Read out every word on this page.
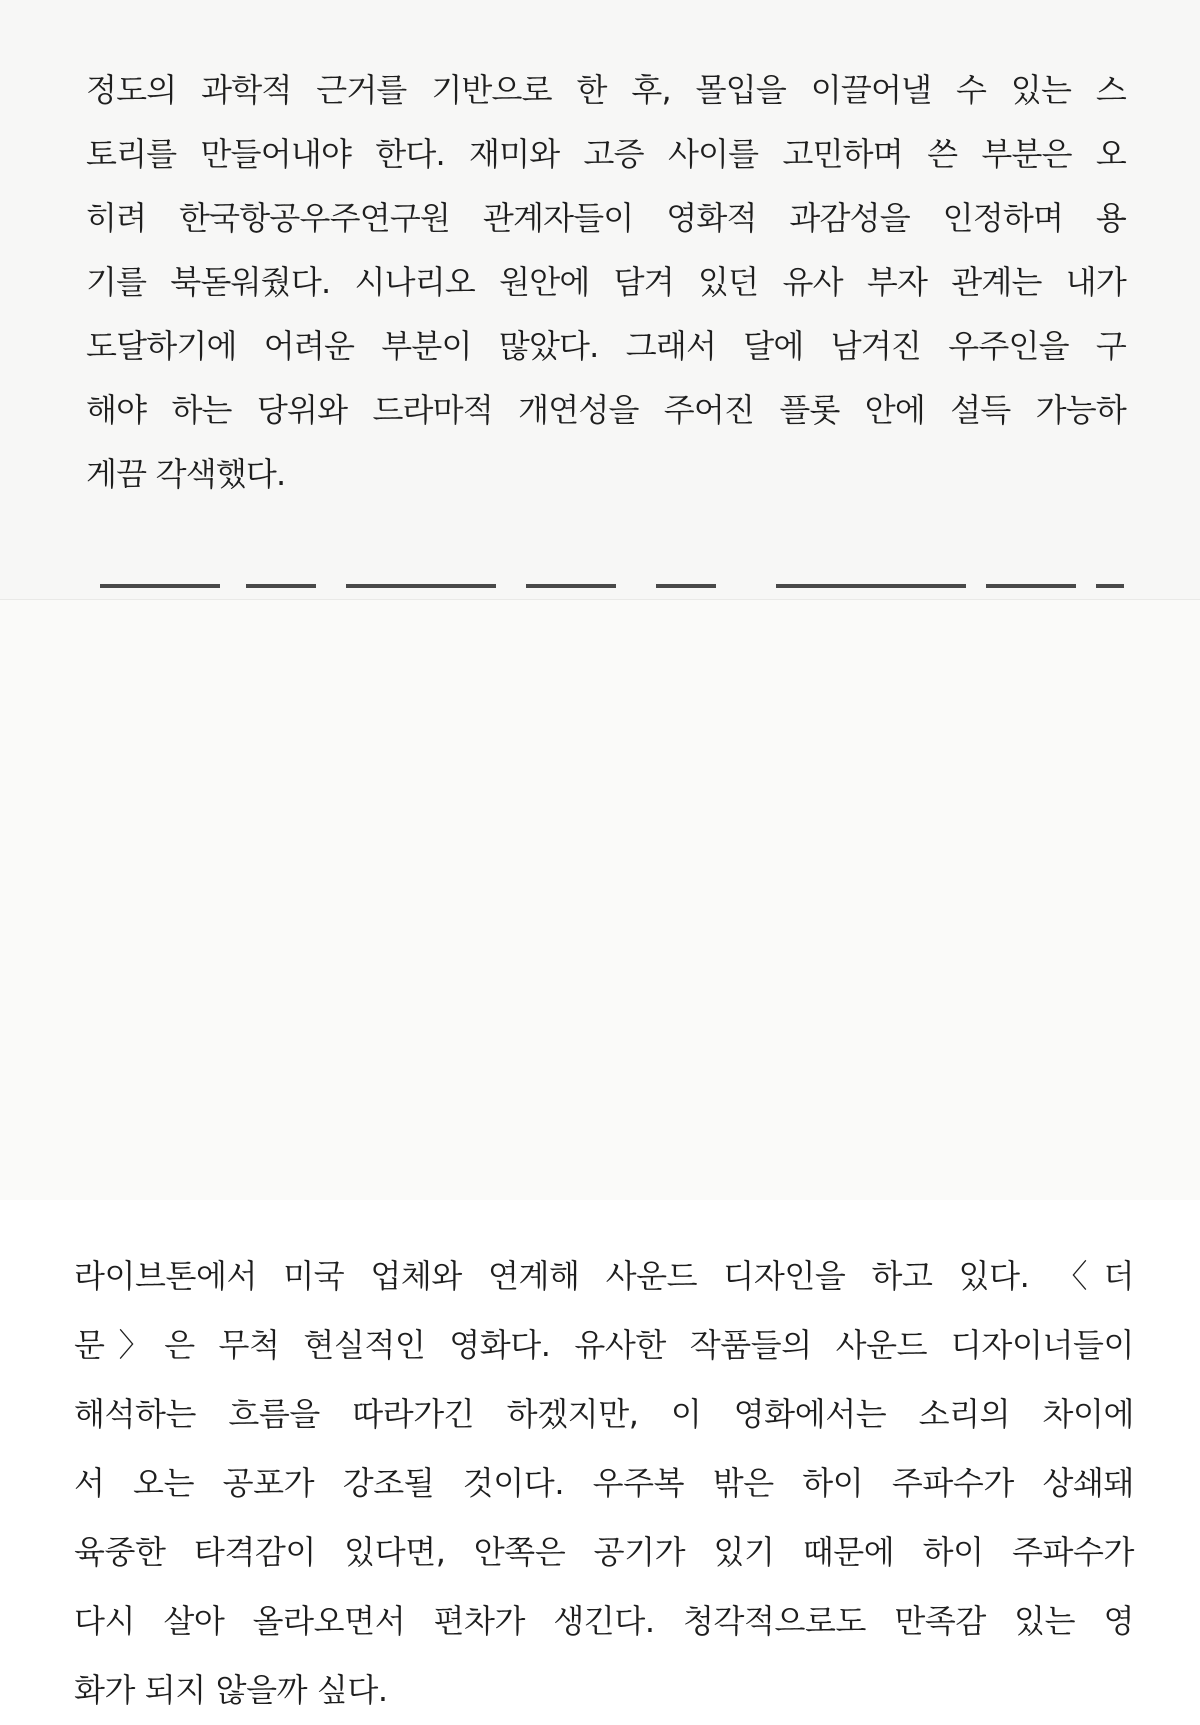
정도의 과학적 근거를 기반으로 한 후, 몰입을 이끌어낼 수 있는 스
토리를 만들어내야 한다. 재미와 고증 사이를 고민하며 쓴 부분은 오
히려 한국항공우주연구원 관계자들이 영화적 과감성을 인정하며 용
기를 북돋워줬다. 시나리오 원안에 담겨 있던 유사 부자 관계는 내가
도달하기에 어려운 부분이 많았다. 그래서 달에 남겨진 우주인을 구
해야 하는 당위와 드라마적 개연성을 주어진 플롯 안에 설득 가능하
게끔 각색했다.
라이브톤에서 미국 업체와 연계해 사운드 디자인을 하고 있다. 〈더
문〉은 무척 현실적인 영화다. 유사한 작품들의 사운드 디자이너들이
해석하는 흐름을 따라가긴 하겠지만, 이 영화에서는 소리의 차이에
서 오는 공포가 강조될 것이다. 우주복 밖은 하이 주파수가 상쇄돼
육중한 타격감이 있다면, 안쪽은 공기가 있기 때문에 하이 주파수가
다시 살아 올라오면서 편차가 생긴다. 청각적으로도 만족감 있는 영
화가 되지 않을까 싶다.
